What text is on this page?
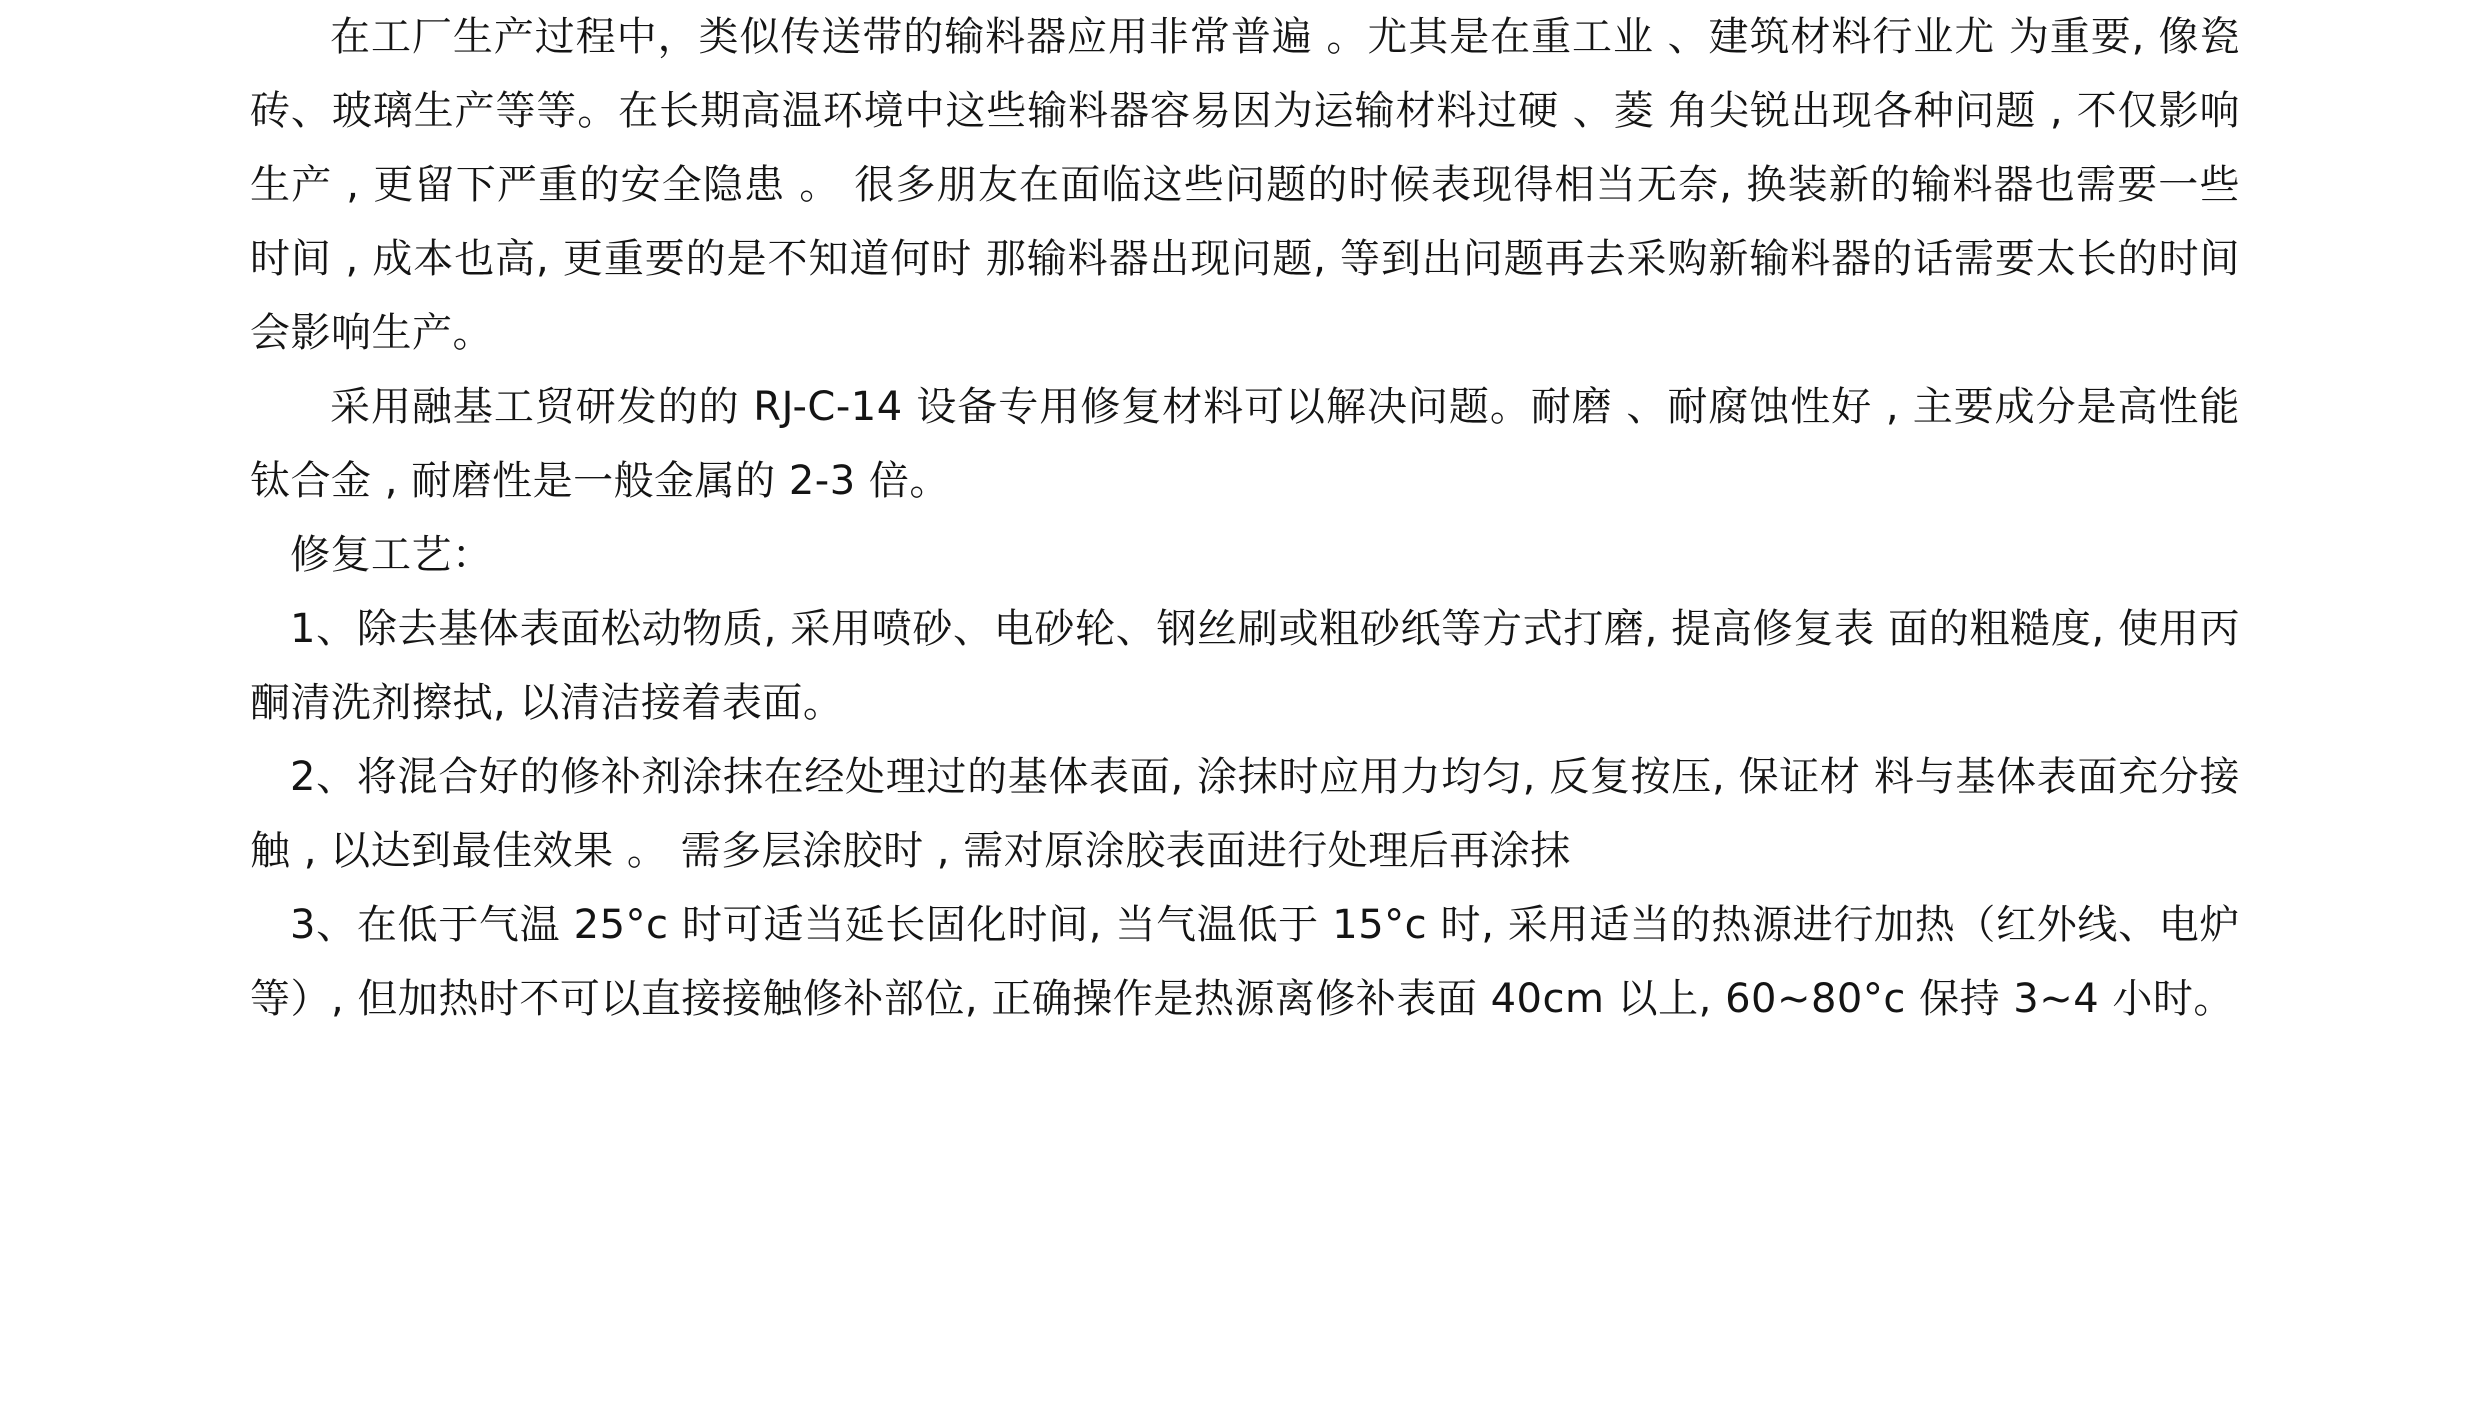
在工厂生产过程中，类似传送带的输料器应用非常普遍 。尤其是在重工业 、建筑材料行业尤 为重要, 像瓷砖、玻璃生产等等。在长期高温环境中这些输料器容易因为运输材料过硬 、菱 角尖锐出现各种问题 , 不仅影响生产 , 更留下严重的安全隐患 。 很多朋友在面临这些问题的时候表现得相当无奈, 换装新的输料器也需要一些时间 , 成本也高, 更重要的是不知道何时 那输料器出现问题, 等到出问题再去采购新输料器的话需要太长的时间会影响生产。

采用融基工贸研发的的 RJ-C-14 设备专用修复材料可以解决问题。耐磨 、耐腐蚀性好 , 主要成分是高性能钛合金 , 耐磨性是一般金属的 2-3 倍。

修复工艺：

1、除去基体表面松动物质, 采用喷砂、电砂轮、钢丝刷或粗砂纸等方式打磨, 提高修复表 面的粗糙度, 使用丙酮清洗剂擦拭, 以清洁接着表面。

2、将混合好的修补剂涂抹在经处理过的基体表面, 涂抹时应用力均匀, 反复按压, 保证材 料与基体表面充分接触 , 以达到最佳效果 。 需多层涂胶时 , 需对原涂胶表面进行处理后再涂抹

3、在低于气温 25°c 时可适当延长固化时间, 当气温低于 15°c 时, 采用适当的热源进行加热（红外线、电炉等）, 但加热时不可以直接接触修补部位, 正确操作是热源离修补表面 40cm 以上, 60~80°c 保持 3~4 小时。
